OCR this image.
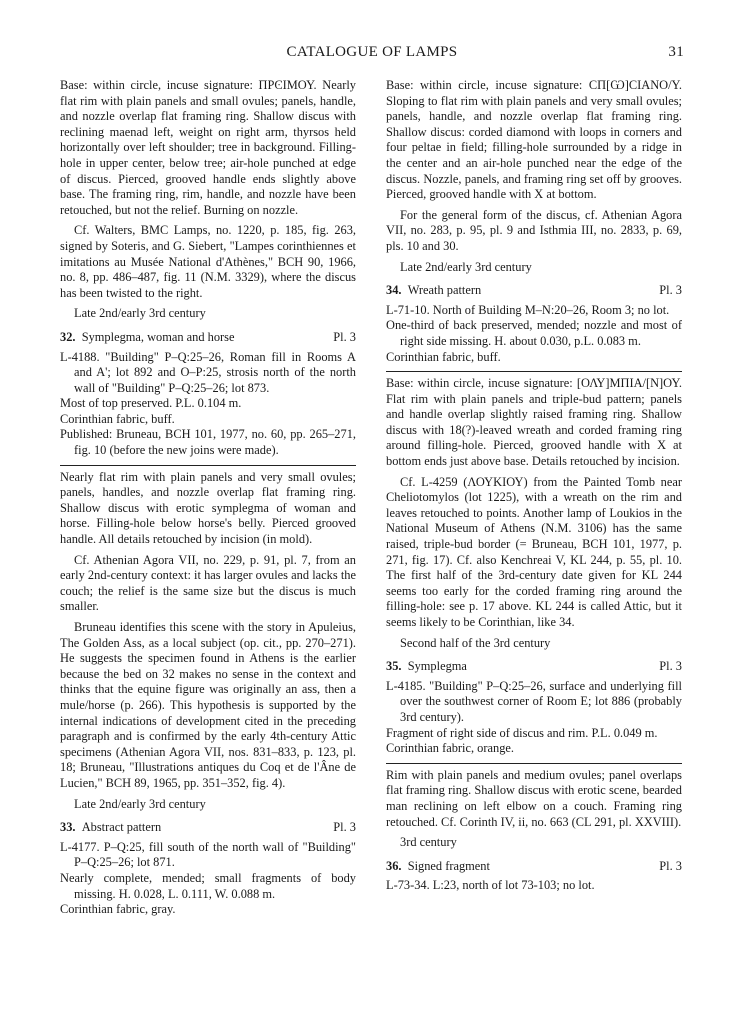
CATALOGUE OF LAMPS	31

Base: within circle, incuse signature: ΠΡϾΙΜΟΥ. Nearly flat rim with plain panels and small ovules; panels, handle, and nozzle overlap flat framing ring. Shallow discus with reclining maenad left, weight on right arm, thyrsos held horizontally over left shoulder; tree in background. Filling-hole in upper center, below tree; air-hole punched at edge of discus. Pierced, grooved handle ends slightly above base. The framing ring, rim, handle, and nozzle have been retouched, but not the relief. Burning on nozzle.

Cf. Walters, BMC Lamps, no. 1220, p. 185, fig. 263, signed by Soteris, and G. Siebert, "Lampes corinthiennes et imitations au Musée National d'Athènes," BCH 90, 1966, no. 8, pp. 486–487, fig. 11 (N.M. 3329), where the discus has been twisted to the right.

Late 2nd/early 3rd century

32. Symplegma, woman and horse	Pl. 3

L-4188. "Building" P–Q:25–26, Roman fill in Rooms A and A'; lot 892 and O–P:25, strosis north of the north wall of "Building" P–Q:25–26; lot 873.

Most of top preserved. P.L. 0.104 m.

Corinthian fabric, buff.

Published: Bruneau, BCH 101, 1977, no. 60, pp. 265–271, fig. 10 (before the new joins were made).

Nearly flat rim with plain panels and very small ovules; panels, handles, and nozzle overlap flat framing ring. Shallow discus with erotic symplegma of woman and horse. Filling-hole below horse's belly. Pierced grooved handle. All details retouched by incision (in mold).

Cf. Athenian Agora VII, no. 229, p. 91, pl. 7, from an early 2nd-century context: it has larger ovules and lacks the couch; the relief is the same size but the discus is much smaller.

Bruneau identifies this scene with the story in Apuleius, The Golden Ass, as a local subject (op. cit., pp. 270–271). He suggests the specimen found in Athens is the earlier because the bed on 32 makes no sense in the context and thinks that the equine figure was originally an ass, then a mule/horse (p. 266). This hypothesis is supported by the internal indications of development cited in the preceding paragraph and is confirmed by the early 4th-century Attic specimens (Athenian Agora VII, nos. 831–833, p. 123, pl. 18; Bruneau, "Illustrations antiques du Coq et de l'Âne de Lucien," BCH 89, 1965, pp. 351–352, fig. 4).

Late 2nd/early 3rd century

33. Abstract pattern	Pl. 3

L-4177. P–Q:25, fill south of the north wall of "Building" P–Q:25–26; lot 871.

Nearly complete, mended; small fragments of body missing. H. 0.028, L. 0.111, W. 0.088 m.

Corinthian fabric, gray.

Base: within circle, incuse signature: CΠ[Ѡ]CIANO/Y. Sloping to flat rim with plain panels and very small ovules; panels, handle, and nozzle overlap flat framing ring. Shallow discus: corded diamond with loops in corners and four peltae in field; filling-hole surrounded by a ridge in the center and an air-hole punched near the edge of the discus. Nozzle, panels, and framing ring set off by grooves. Pierced, grooved handle with X at bottom.

For the general form of the discus, cf. Athenian Agora VII, no. 283, p. 95, pl. 9 and Isthmia III, no. 2833, p. 69, pls. 10 and 30.

Late 2nd/early 3rd century

34. Wreath pattern	Pl. 3

L-71-10. North of Building M–N:20–26, Room 3; no lot.

One-third of back preserved, mended; nozzle and most of right side missing. H. about 0.030, p.L. 0.083 m.

Corinthian fabric, buff.

Base: within circle, incuse signature: [ΟΛΥ]ΜΠΙΑ/[Ν]ΟΥ. Flat rim with plain panels and triple-bud pattern; panels and handle overlap slightly raised framing ring. Shallow discus with 18(?)-leaved wreath and corded framing ring around filling-hole. Pierced, grooved handle with X at bottom ends just above base. Details retouched by incision.

Cf. L-4259 (ΛΟΥΚΙΟΥ) from the Painted Tomb near Cheliotomylos (lot 1225), with a wreath on the rim and leaves retouched to points. Another lamp of Loukios in the National Museum of Athens (N.M. 3106) has the same raised, triple-bud border (= Bruneau, BCH 101, 1977, p. 271, fig. 17). Cf. also Kenchreai V, KL 244, p. 55, pl. 10. The first half of the 3rd-century date given for KL 244 seems too early for the corded framing ring around the filling-hole: see p. 17 above. KL 244 is called Attic, but it seems likely to be Corinthian, like 34.

Second half of the 3rd century

35. Symplegma	Pl. 3

L-4185. "Building" P–Q:25–26, surface and underlying fill over the southwest corner of Room E; lot 886 (probably 3rd century).

Fragment of right side of discus and rim. P.L. 0.049 m.

Corinthian fabric, orange.

Rim with plain panels and medium ovules; panel overlaps flat framing ring. Shallow discus with erotic scene, bearded man reclining on left elbow on a couch. Framing ring retouched. Cf. Corinth IV, ii, no. 663 (CL 291, pl. XXVIII).

3rd century

36. Signed fragment	Pl. 3

L-73-34. L:23, north of lot 73-103; no lot.
